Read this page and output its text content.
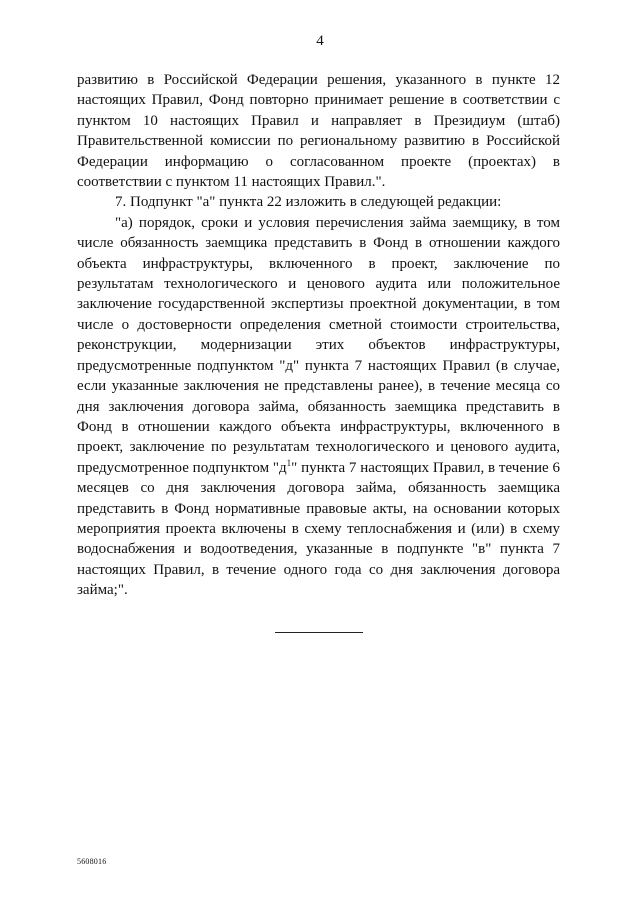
4

развитию в Российской Федерации решения, указанного в пункте 12 настоящих Правил, Фонд повторно принимает решение в соответствии с пунктом 10 настоящих Правил и направляет в Президиум (штаб) Правительственной комиссии по региональному развитию в Российской Федерации информацию о согласованном проекте (проектах) в соответствии с пунктом 11 настоящих Правил.".

7. Подпункт "а" пункта 22 изложить в следующей редакции:

"а) порядок, сроки и условия перечисления займа заемщику, в том числе обязанность заемщика представить в Фонд в отношении каждого объекта инфраструктуры, включенного в проект, заключение по результатам технологического и ценового аудита или положительное заключение государственной экспертизы проектной документации, в том числе о достоверности определения сметной стоимости строительства, реконструкции, модернизации этих объектов инфраструктуры, предусмотренные подпунктом "д" пункта 7 настоящих Правил (в случае, если указанные заключения не представлены ранее), в течение месяца со дня заключения договора займа, обязанность заемщика представить в Фонд в отношении каждого объекта инфраструктуры, включенного в проект, заключение по результатам технологического и ценового аудита, предусмотренное подпунктом "$д^1$" пункта 7 настоящих Правил, в течение 6 месяцев со дня заключения договора займа, обязанность заемщика представить в Фонд нормативные правовые акты, на основании которых мероприятия проекта включены в схему теплоснабжения и (или) в схему водоснабжения и водоотведения, указанные в подпункте "в" пункта 7 настоящих Правил, в течение одного года со дня заключения договора займа;".

5608016
